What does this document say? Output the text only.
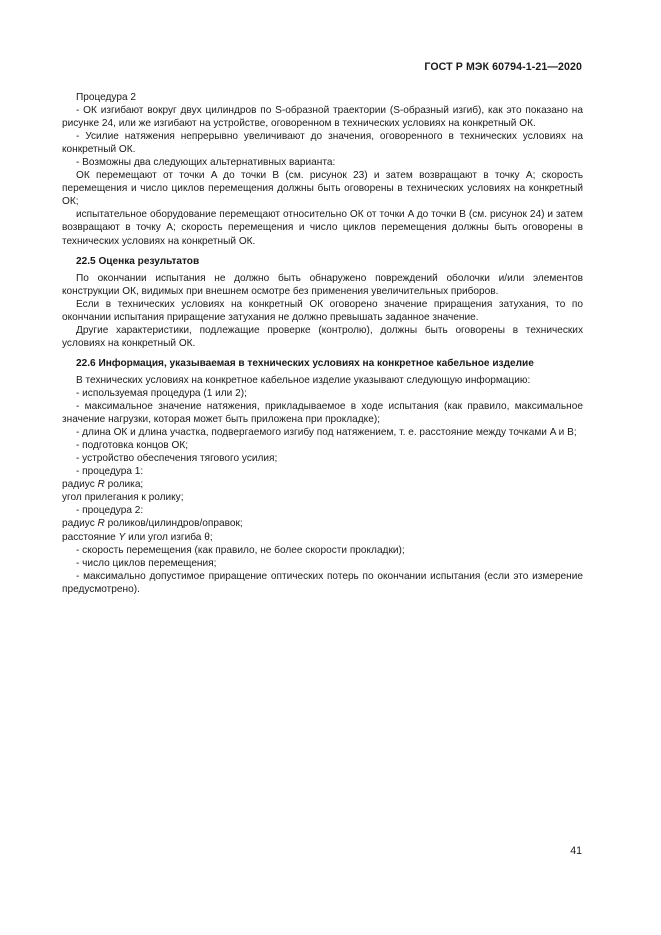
ГОСТ Р МЭК 60794-1-21—2020

Процедура 2

- ОК изгибают вокруг двух цилиндров по S-образной траектории (S-образный изгиб), как это показано на рисунке 24, или же изгибают на устройстве, оговоренном в технических условиях на конкретный ОК.

- Усилие натяжения непрерывно увеличивают до значения, оговоренного в технических условиях на конкретный ОК.

- Возможны два следующих альтернативных варианта:

ОК перемещают от точки A до точки B (см. рисунок 23) и затем возвращают в точку A; скорость перемещения и число циклов перемещения должны быть оговорены в технических условиях на конкретный ОК;

испытательное оборудование перемещают относительно ОК от точки A до точки B (см. рисунок 24) и затем возвращают в точку A; скорость перемещения и число циклов перемещения должны быть оговорены в технических условиях на конкретный ОК.

22.5 Оценка результатов

По окончании испытания не должно быть обнаружено повреждений оболочки и/или элементов конструкции ОК, видимых при внешнем осмотре без применения увеличительных приборов.

Если в технических условиях на конкретный ОК оговорено значение приращения затухания, то по окончании испытания приращение затухания не должно превышать заданное значение.

Другие характеристики, подлежащие проверке (контролю), должны быть оговорены в технических условиях на конкретный ОК.

22.6 Информация, указываемая в технических условиях на конкретное кабельное изделие

В технических условиях на конкретное кабельное изделие указывают следующую информацию:

- используемая процедура (1 или 2);

- максимальное значение натяжения, прикладываемое в ходе испытания (как правило, максимальное значение нагрузки, которая может быть приложена при прокладке);

- длина ОК и длина участка, подвергаемого изгибу под натяжением, т. е. расстояние между точками A и B;

- подготовка концов ОК;

- устройство обеспечения тягового усилия;

- процедура 1:

радиус R ролика;

угол прилегания к ролику;

- процедура 2:

радиус R роликов/цилиндров/оправок;

расстояние Y или угол изгиба θ;

- скорость перемещения (как правило, не более скорости прокладки);

- число циклов перемещения;

- максимально допустимое приращение оптических потерь по окончании испытания (если это измерение предусмотрено).

41
